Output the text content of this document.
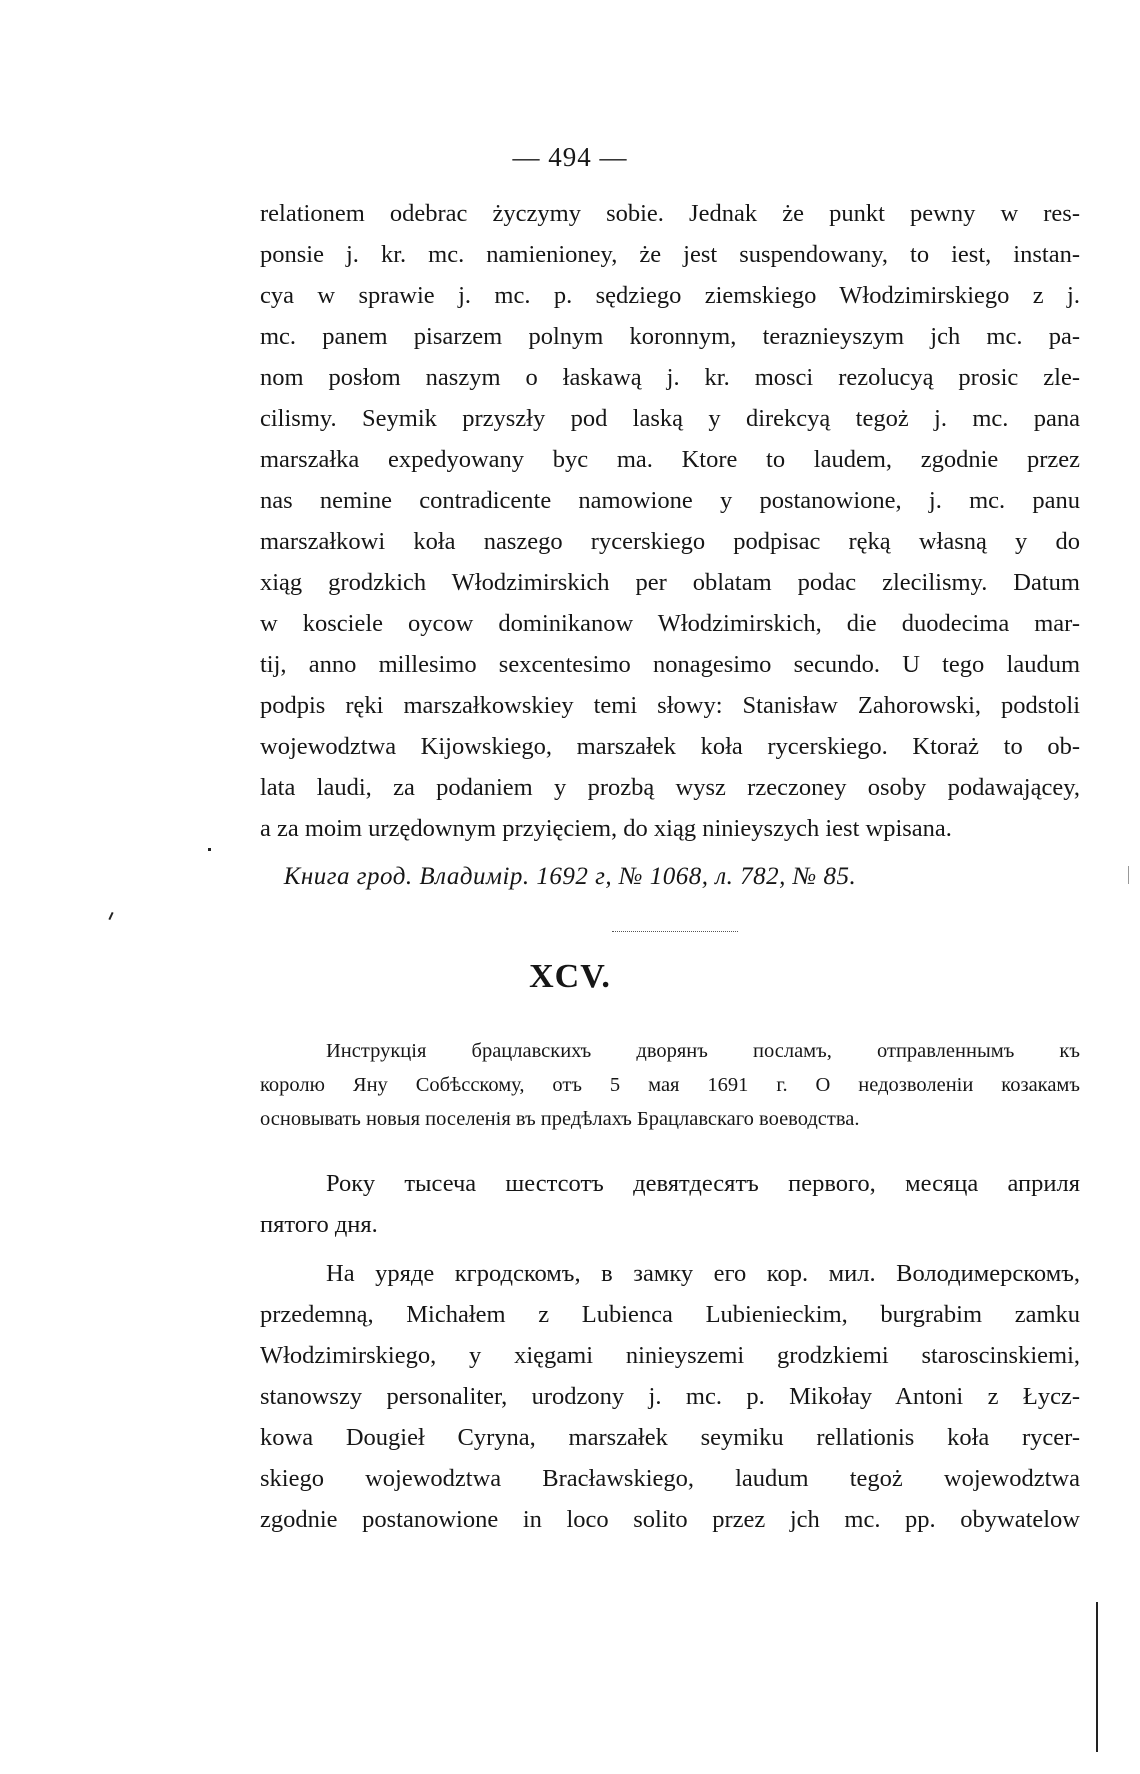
— 494 —
relationem odebrac życzymy sobie. Jednak że punkt pewny w res-
ponsie j. kr. mc. namienioney, że jest suspendowany, to iest, instan-
cya w sprawie j. mc. p. sędziego ziemskiego Włodzimirskiego z j.
mc. panem pisarzem polnym koronnym, teraznieyszym jch mc. pa-
nom posłom naszym o łaskawą j. kr. mosci rezolucyą prosic zle-
cilismy. Seymik przyszły pod laską y direkcyą tegoż j. mc. pana
marszałka expedyowany byc ma. Ktore to laudem, zgodnie przez
nas nemine contradicente namowione y postanowione, j. mc. panu
marszałkowi koła naszego rycerskiego podpisac ręką własną y do
xiąg grodzkich Włodzimirskich per oblatam podac zlecilismy. Datum
w kosciele oycow dominikanow Włodzimirskich, die duodecima mar-
tij, anno millesimo sexcentesimo nonagesimo secundo. U tego laudum
podpis ręki marszałkowskiey temi słowy: Stanisław Zahorowski, podstoli
wojewodztwa Kijowskiego, marszałek koła rycerskiego. Ktoraż to ob-
lata laudi, za podaniem y prozbą wysz rzeczoney osoby podawającey,
a za moim urzędownym przyięciem, do xiąg ninieyszych iest wpisana.
Книга грод. Владимір. 1692 г, № 1068, л. 782, № 85.
XCV.
Инструкція брацлавскихъ дворянъ посламъ, отправленнымъ къ
королю Яну Собѣсскому, отъ 5 мая 1691 г. О недозволеніи козакамъ
основывать новыя поселенія въ предѣлахъ Брацлавскаго воеводства.
Року тысеча шестсотъ девятдесятъ первого, месяца априля
пятого дня.
На уряде кгродскомъ, в замку его кор. мил. Володимерскомъ,
przedemną, Michałem z Lubienca Lubienieckim, burgrabim zamku
Włodzimirskiego, y xięgami ninieyszemi grodzkiemi staroscinskiemi,
stanowszy personaliter, urodzony j. mc. p. Mikołay Antoni z Łycz-
kowa Dougieł Cyryna, marszałek seymiku rellationis koła rycer-
skiego wojewodztwa Bracławskiego, laudum tegoż wojewodztwa
zgodnie postanowione in loco solito przez jch mc. pp. obywatelow
